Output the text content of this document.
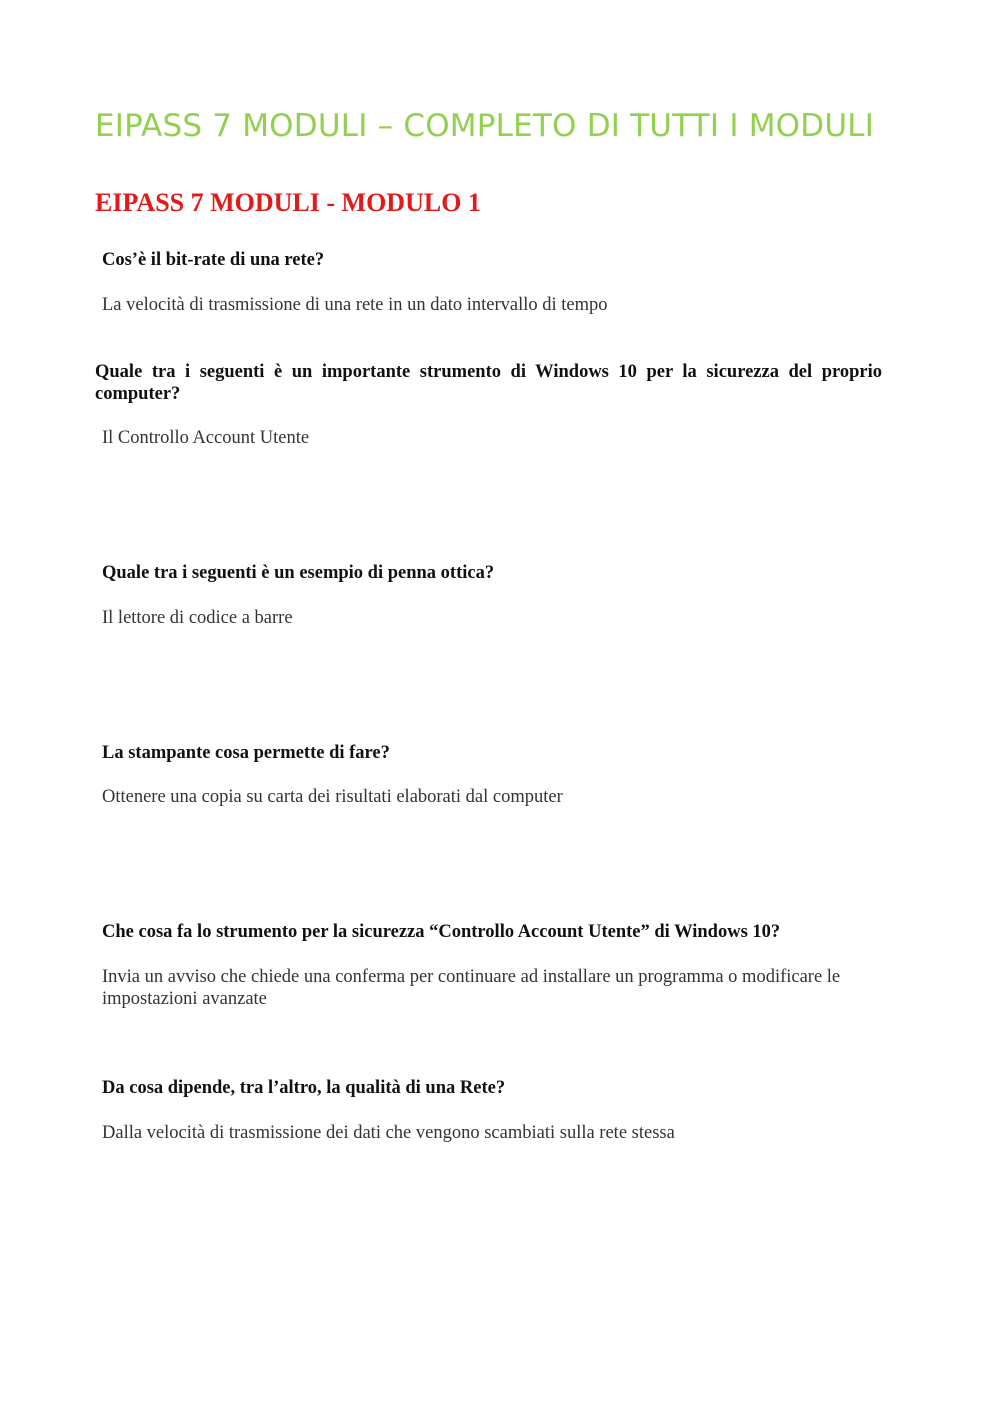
EIPASS 7 MODULI – COMPLETO DI TUTTI I MODULI
EIPASS 7 MODULI - MODULO 1

Cos’è il bit-rate di una rete?

La velocità di trasmissione di una rete in un dato intervallo di tempo

Quale tra i seguenti è un importante strumento di Windows 10 per la sicurezza del proprio computer?

Il Controllo Account Utente

Quale tra i seguenti è un esempio di penna ottica?

Il lettore di codice a barre

La stampante cosa permette di fare?

Ottenere una copia su carta dei risultati elaborati dal computer

Che cosa fa lo strumento per la sicurezza “Controllo Account Utente” di Windows 10?

Invia un avviso che chiede una conferma per continuare ad installare un programma o modificare le impostazioni avanzate

Da cosa dipende, tra l’altro, la qualità di una Rete?

Dalla velocità di trasmissione dei dati che vengono scambiati sulla rete stessa
